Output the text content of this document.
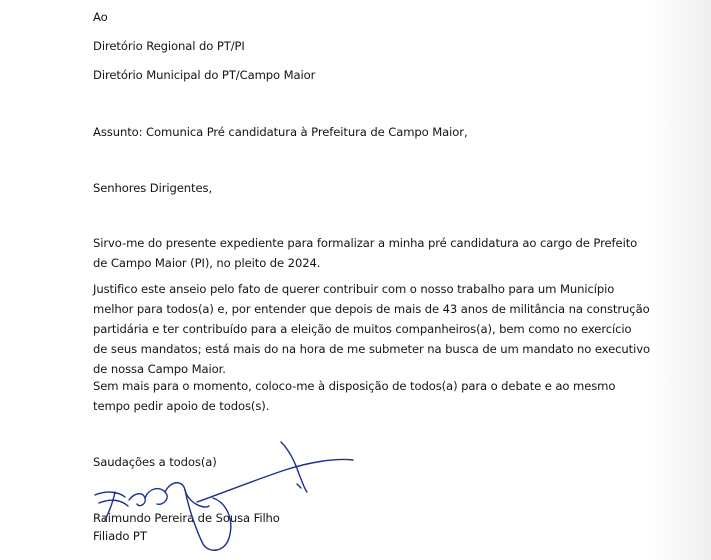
Ao
Diretório Regional do PT/PI
Diretório Municipal do PT/Campo Maior
Assunto: Comunica Pré candidatura à Prefeitura de Campo Maior,
Senhores Dirigentes,
Sirvo-me do presente expediente para formalizar a minha pré candidatura ao cargo de Prefeito
de Campo Maior (PI), no pleito de 2024.
Justifico este anseio pelo fato de querer contribuir com o nosso trabalho para um Município
melhor para todos(a) e, por entender que depois de mais de 43 anos de militância na construção
partidária e ter contribuído para a eleição de muitos companheiros(a), bem como no exercício
de seus mandatos; está mais do na hora de me submeter na busca de um mandato no executivo
de nossa Campo Maior.
Sem mais para o momento, coloco-me à disposição de todos(a) para o debate e ao mesmo
tempo pedir apoio de todos(s).
Saudações a todos(a)
Raimundo Pereira de Sousa Filho
Filiado PT
